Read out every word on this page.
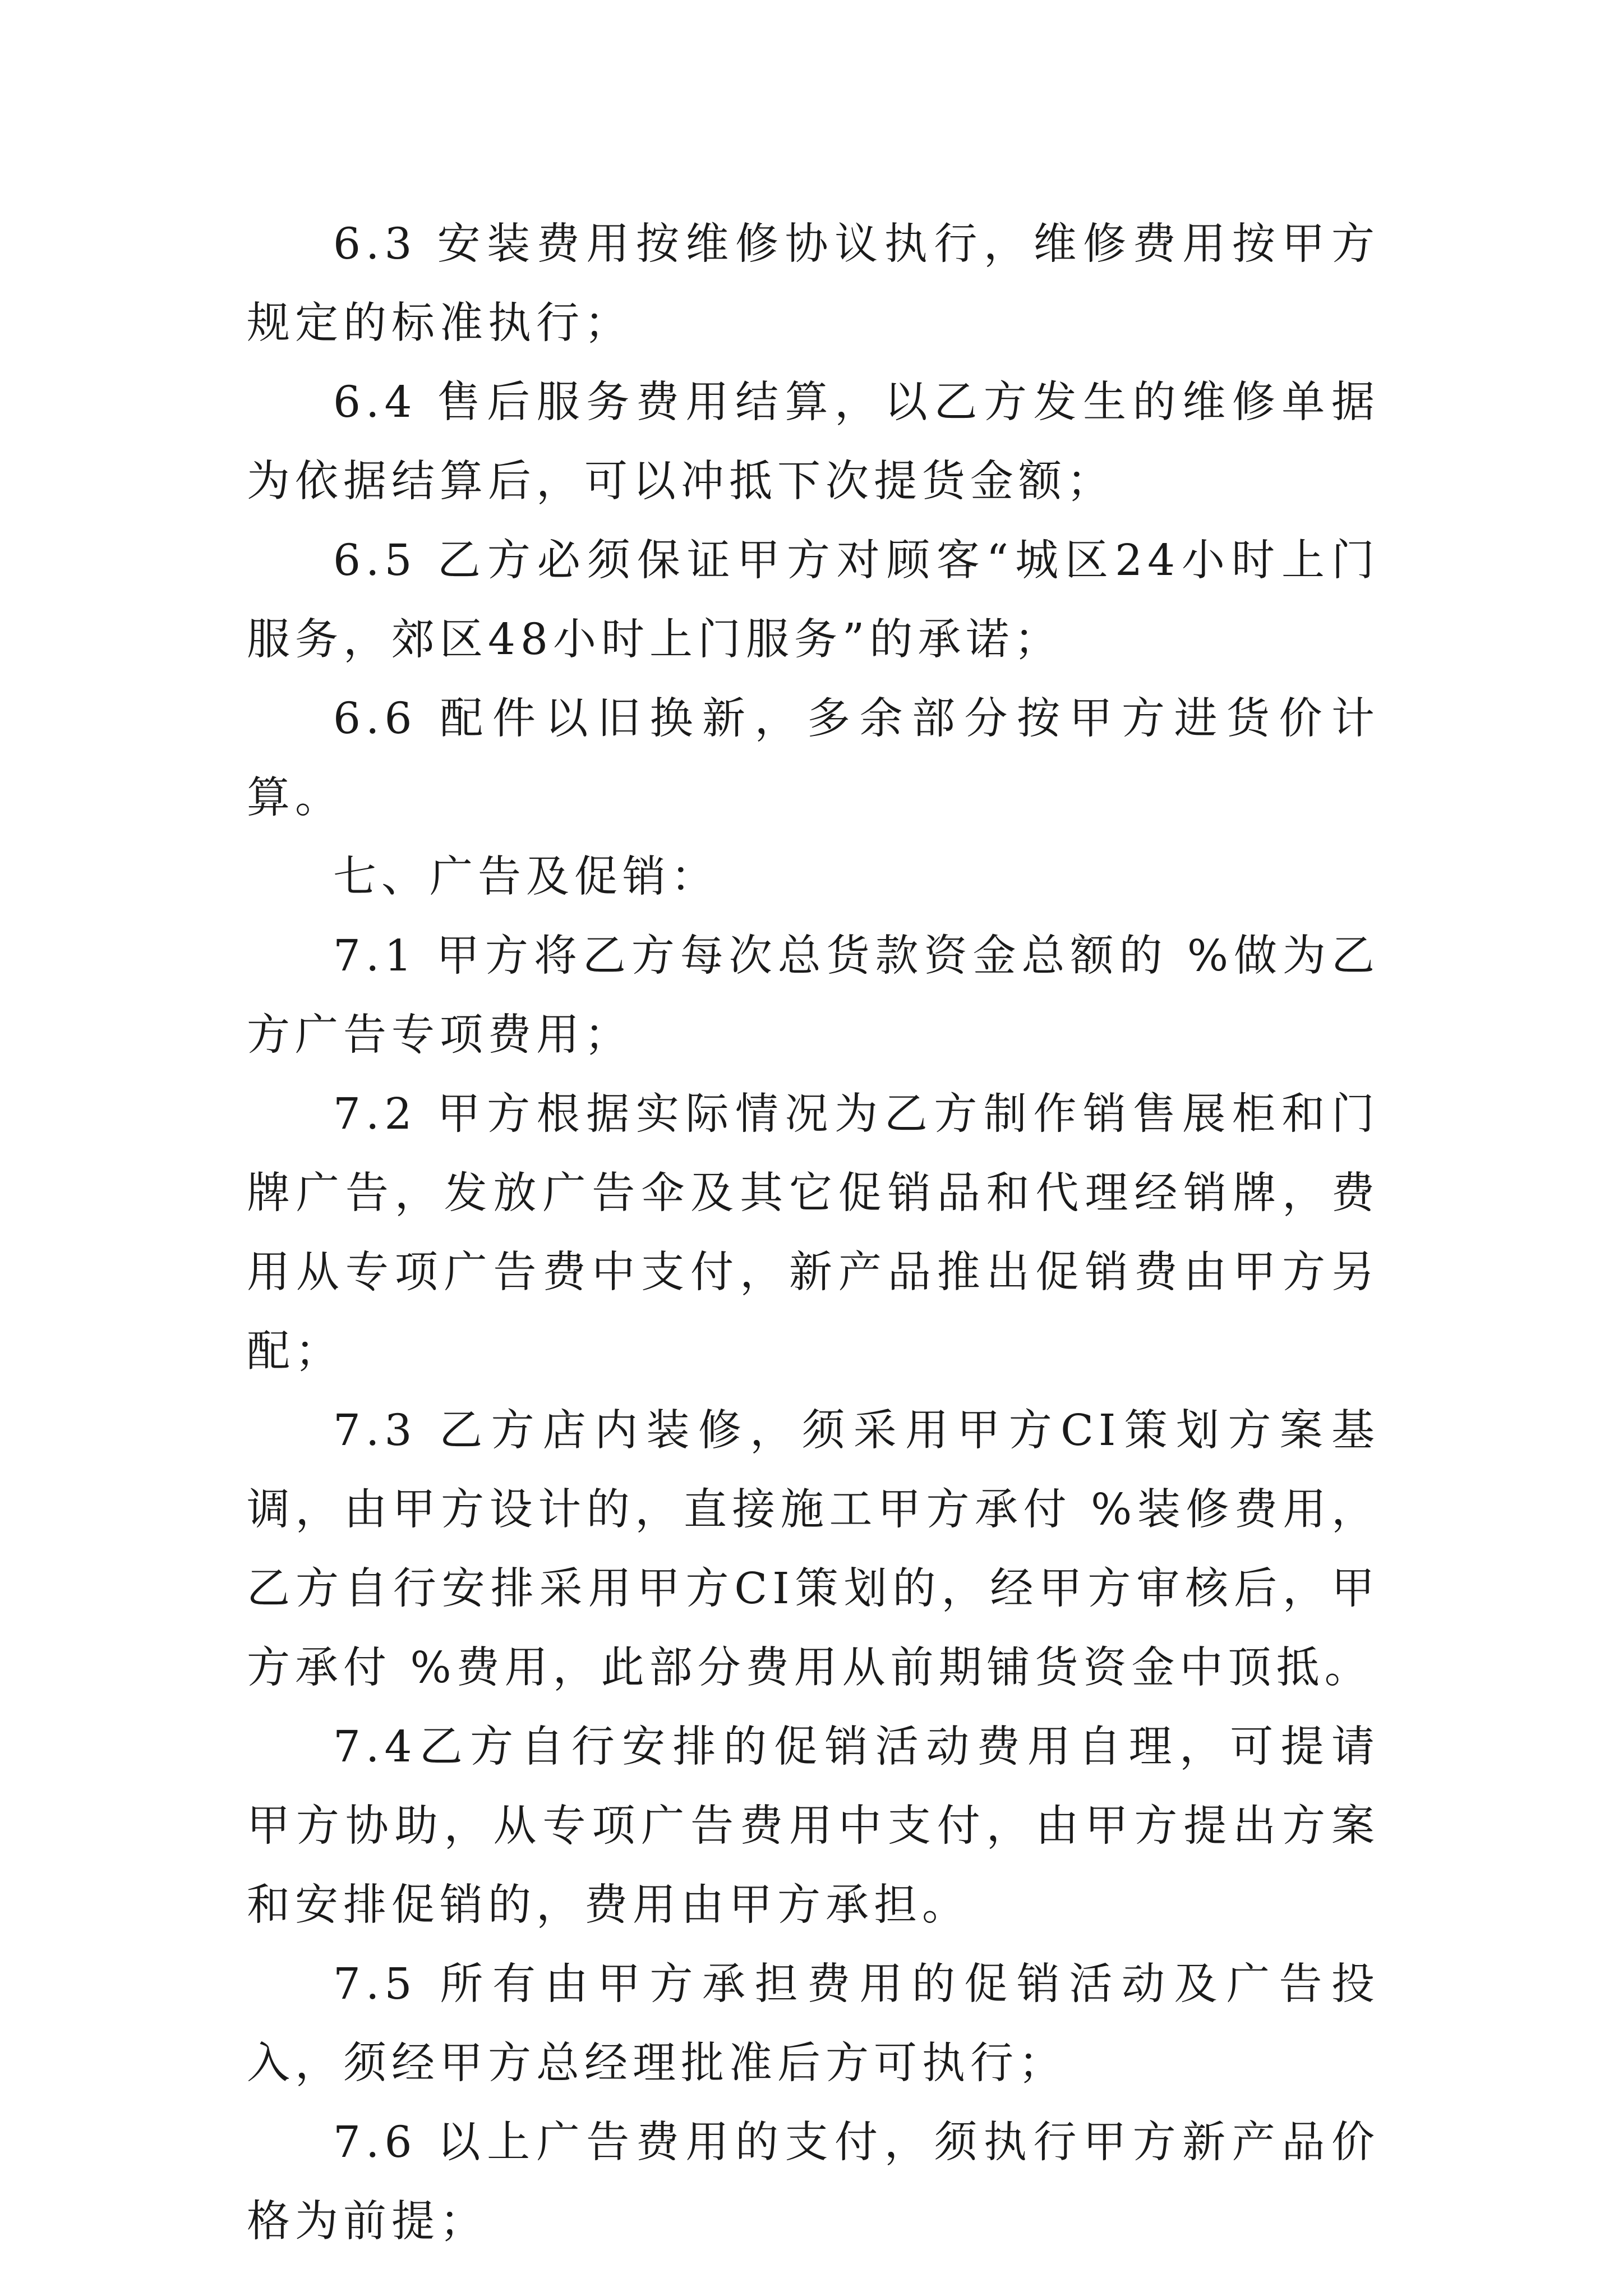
6.3 安装费用按维修协议执行，维修费用按甲方规定的标准执行；

6.4 售后服务费用结算，以乙方发生的维修单据为依据结算后，可以冲抵下次提货金额；

6.5 乙方必须保证甲方对顾客“城区24小时上门服务，郊区48小时上门服务”的承诺；

6.6 配件以旧换新，多余部分按甲方进货价计算。

七、广告及促销：

7.1 甲方将乙方每次总货款资金总额的 %做为乙方广告专项费用；

7.2 甲方根据实际情况为乙方制作销售展柜和门牌广告，发放广告伞及其它促销品和代理经销牌，费用从专项广告费中支付，新产品推出促销费由甲方另配；

7.3 乙方店内装修，须采用甲方CI策划方案基调，由甲方设计的，直接施工甲方承付 %装修费用，乙方自行安排采用甲方CI策划的，经甲方审核后，甲方承付 %费用，此部分费用从前期铺货资金中顶抵。

7.4乙方自行安排的促销活动费用自理，可提请甲方协助，从专项广告费用中支付，由甲方提出方案和安排促销的，费用由甲方承担。

7.5 所有由甲方承担费用的促销活动及广告投入，须经甲方总经理批准后方可执行；

7.6 以上广告费用的支付，须执行甲方新产品价格为前提；
